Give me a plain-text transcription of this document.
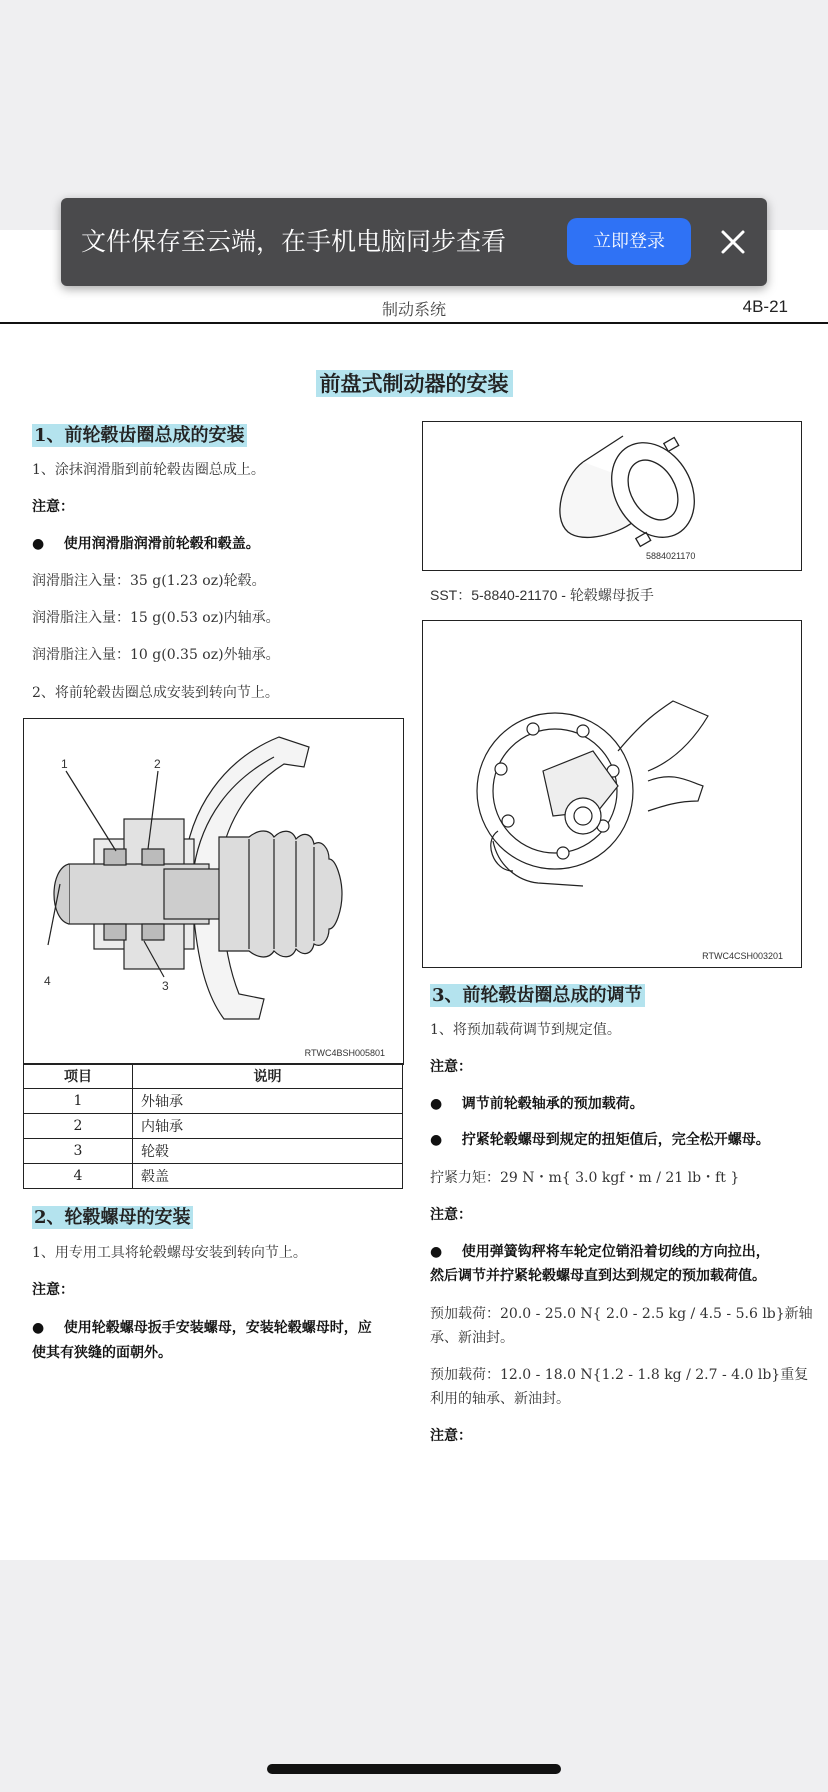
文件保存至云端，在手机电脑同步查看	立即登录
制动系统	4B-21
前盘式制动器的安装
1、前轮毂齿圈总成的安装
1、涂抹润滑脂到前轮毂齿圈总成上。
注意：
●    使用润滑脂润滑前轮毂和毂盖。
润滑脂注入量：35 g(1.23 oz)轮毂。
润滑脂注入量：15 g(0.53 oz)内轴承。
润滑脂注入量：10 g(0.35 oz)外轴承。
2、将前轮毂齿圈总成安装到转向节上。
1	2
3
4
RTWC4BSH005801
项目	说明
1	外轴承
2	内轴承
3	轮毂
4	毂盖
2、轮毂螺母的安装
1、用专用工具将轮毂螺母安装到转向节上。
注意：
●    使用轮毂螺母扳手安装螺母，安装轮毂螺母时，应
使其有狭缝的面朝外。
5884021170
SST：5-8840-21170 - 轮毂螺母扳手
RTWC4CSH003201
3、前轮毂齿圈总成的调节
1、将预加载荷调节到规定值。
注意：
●    调节前轮毂轴承的预加载荷。
●    拧紧轮毂螺母到规定的扭矩值后，完全松开螺母。
拧紧力矩：29 N・m{ 3.0 kgf・m / 21 lb・ft }
注意：
●    使用弹簧钩秤将车轮定位销沿着切线的方向拉出，
然后调节并拧紧轮毂螺母直到达到规定的预加载荷值。
预加载荷：20.0 - 25.0 N{ 2.0 - 2.5 kg / 4.5 - 5.6 lb}新轴
承、新油封。
预加载荷：12.0 - 18.0 N{1.2 - 1.8 kg / 2.7 - 4.0 lb}重复
利用的轴承、新油封。
注意：
